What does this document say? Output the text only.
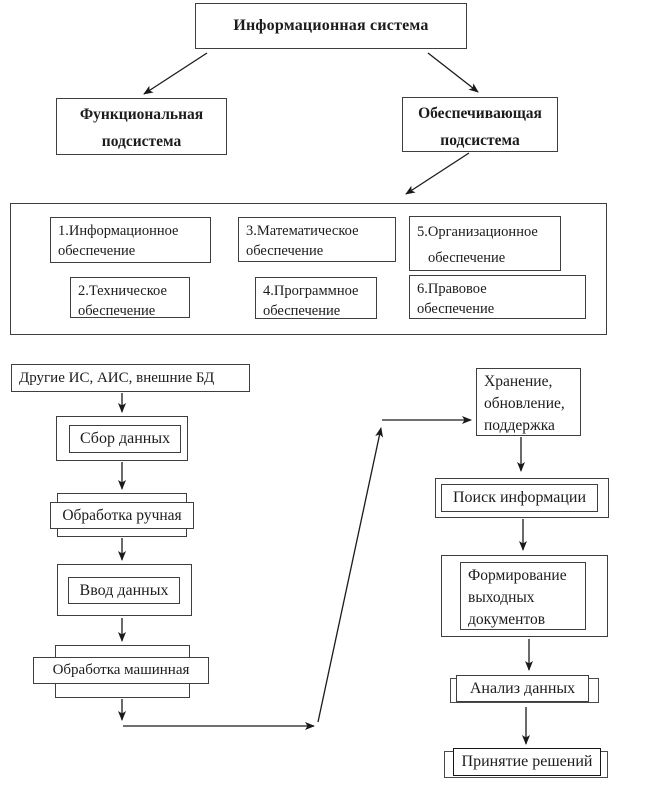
Информационная система
Функциональная
подсистема
Обеспечивающая
подсистема
1.Информационное
обеспечение
3.Математическое
обеспечение
5.Организационное
обеспечение
2.Техническое
обеспечение
4.Программное
обеспечение
6.Правовое
обеспечение
Другие ИС, АИС, внешние БД
Сбор данных
Обработка ручная
Ввод данных
Обработка машинная
Хранение,
обновление,
поддержка
Поиск информации
Формирование
выходных
документов
Анализ данных
Принятие решений
